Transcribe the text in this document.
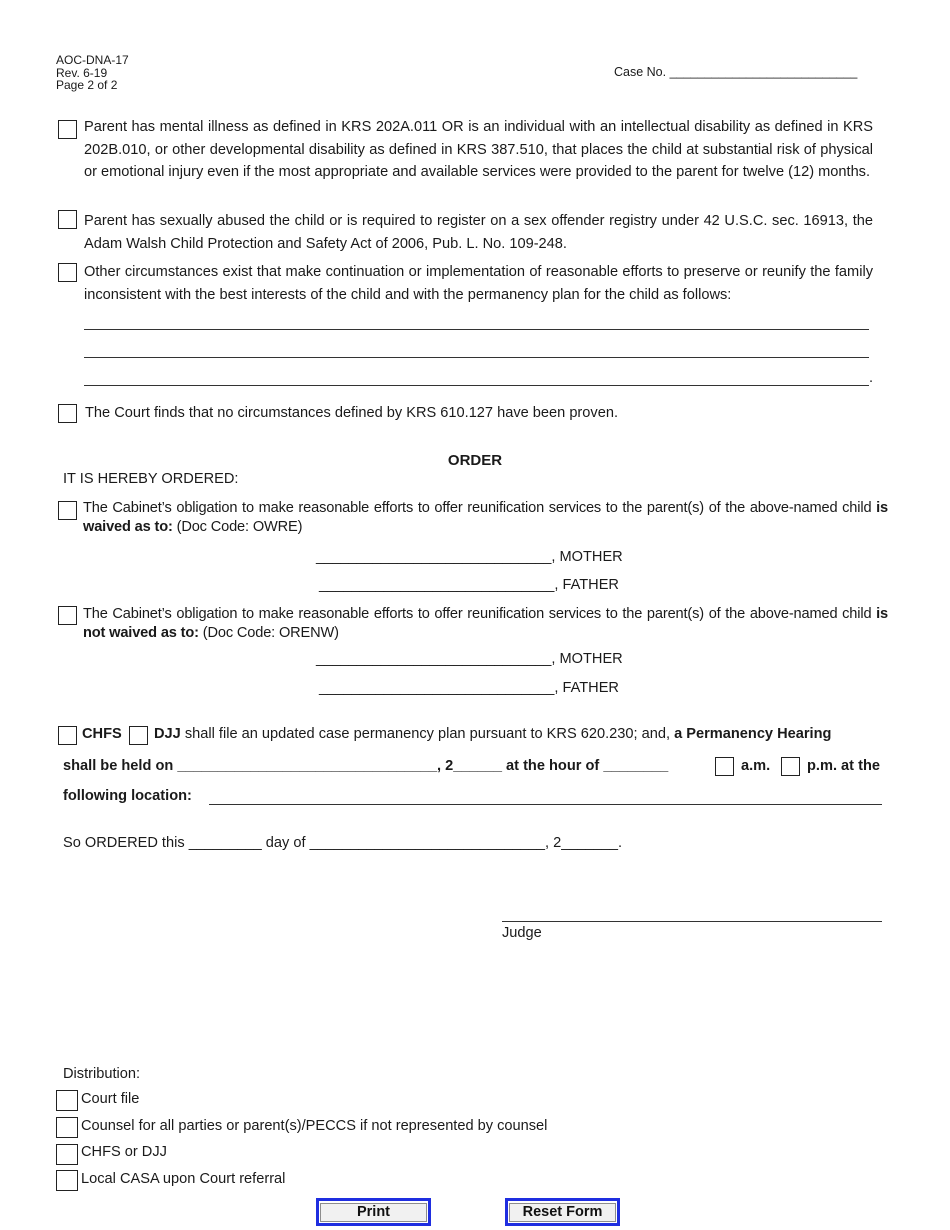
AOC-DNA-17
Rev. 6-19
Page 2 of 2
Case No. ___________________________
Parent has mental illness as defined in KRS 202A.011 OR is an individual with an intellectual disability as defined in KRS 202B.010, or other developmental disability as defined in KRS 387.510, that places the child at substantial risk of physical or emotional injury even if the most appropriate and available services were provided to the parent for twelve (12) months.
Parent has sexually abused the child or is required to register on a sex offender registry under 42 U.S.C. sec. 16913, the Adam Walsh Child Protection and Safety Act of 2006, Pub. L. No. 109-248.
Other circumstances exist that make continuation or implementation of reasonable efforts to preserve or reunify the family inconsistent with the best interests of the child and with the permanency plan for the child as follows:
.
The Court finds that no circumstances defined by KRS 610.127 have been proven.
ORDER
IT IS HEREBY ORDERED:
The Cabinet’s obligation to make reasonable efforts to offer reunification services to the parent(s) of the above-named child is waived as to: (Doc Code: OWRE)
_____________________________, MOTHER
_____________________________, FATHER
The Cabinet’s obligation to make reasonable efforts to offer reunification services to the parent(s) of the above-named child is not waived as to: (Doc Code: ORENW)
_____________________________, MOTHER
_____________________________, FATHER
CHFS DJJ shall file an updated case permanency plan pursuant to KRS 620.230; and, a Permanency Hearing
shall be held on ________________________________, 2______ at the hour of ________	a.m.	p.m. at the
following location:
So ORDERED this _________ day of _____________________________, 2_______.
Judge
Distribution:
Court file
Counsel for all parties or parent(s)/PECCS if not represented by counsel
CHFS or DJJ
Local CASA upon Court referral
Print	Reset Form
